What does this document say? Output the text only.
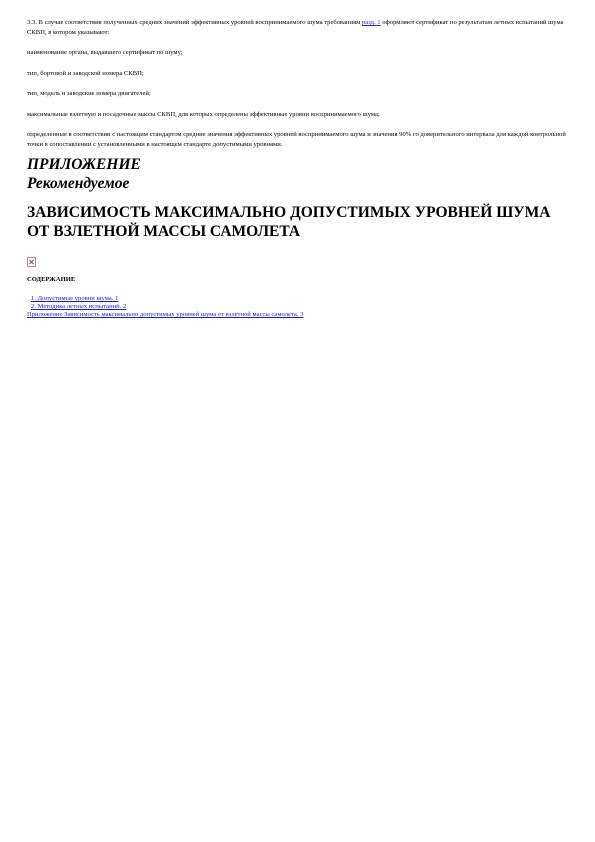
3.3. В случае соответствия полученных средних значений эффективных уровней воспринимаемого шума требованиям разд. 1 оформляют сертификат по результатам летных испытаний шума СКВП, в котором указывают:

наименование органа, выдавшего сертификат по шуму;

тип, бортовой и заводской номера СКВП;

тип, модель и заводские номера двигателей;

максимальные взлетную и посадочные массы СКВП, для которых определены эффективные уровни воспринимаемого шума;

определенные в соответствии с настоящим стандартом средние значения эффективных уровней воспринимаемого шума и значения 90% го доверительного интервала для каждой контрольной точки в сопоставлении с установленными в настоящем стандарте допустимыми уровнями.

ПРИЛОЖЕНИЕ
Рекомендуемое
ЗАВИСИМОСТЬ МАКСИМАЛЬНО ДОПУСТИМЫХ УРОВНЕЙ ШУМА
ОТ ВЗЛЕТНОЙ МАССЫ САМОЛЕТА
СОДЕРЖАНИЕ
1. Допустимые уровни шума. 1
2. Методика летных испытаний. 2
Приложение Зависимость максимально допустимых уровней шума от взлетной массы самолета. 3
